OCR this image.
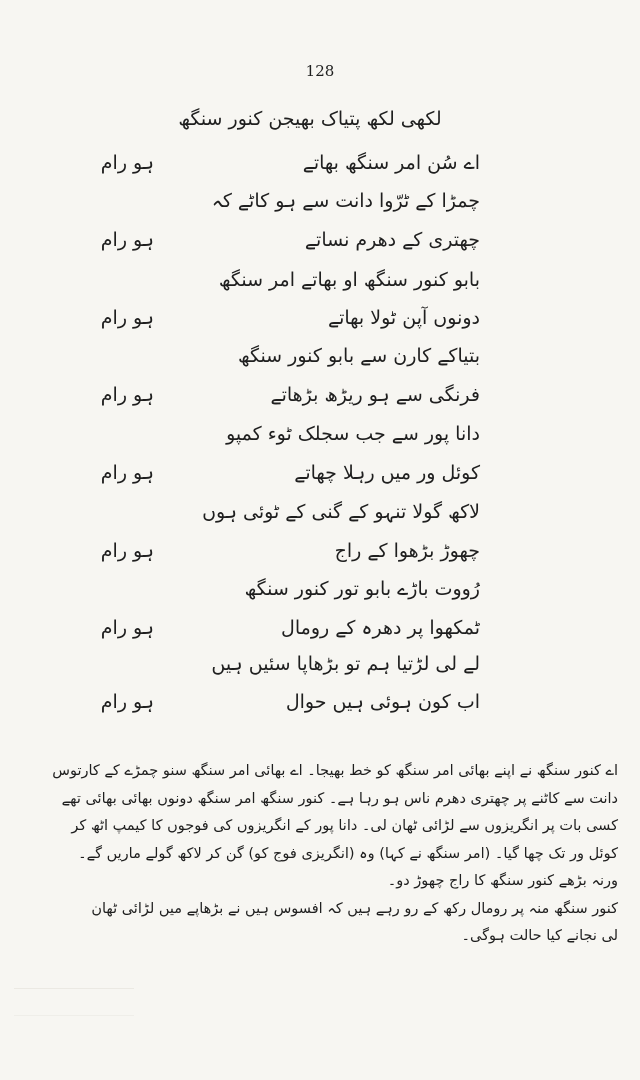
128
لکھی لکھ پتیاک بھیجن کنور سنگھ
اے سُن امر سنگھ بھاتے
ہو رام
چمڑا کے ٹرّوا دانت سے ہو کاٹے کہ
چھتری کے دھرم نساتے
ہو رام
بابو کنور سنگھ او بھاتے امر سنگھ
دونوں آپن ٹولا بھاتے
ہو رام
بتیاکے کارن سے بابو کنور سنگھ
فرنگی سے ہو ریڑھ بڑھاتے
ہو رام
دانا پور سے جب سجلک ٹوء کمپو
کوئل ور میں رہلا چھاتے
ہو رام
لاکھ گولا تنہو کے گنی کے ٹوئی ہوں
چھوڑ بڑھوا کے راج
ہو رام
رُووت باڑے بابو تور کنور سنگھ
ٹمکھوا پر دھرہ کے رومال
ہو رام
لے لی لڑتیا ہم تو بڑھاپا سئیں ہیں
اب کون ہوئی ہیں حوال
ہو رام

اے کنور سنگھ نے اپنے بھائی امر سنگھ کو خط بھیجا۔ اے بھائی امر سنگھ سنو چمڑے کے کارتوس

دانت سے کاٹنے پر چھتری دھرم ناس ہو رہا ہے۔ کنور سنگھ امر سنگھ دونوں بھائی بھائی تھے

کسی بات پر انگریزوں سے لڑائی ٹھان لی۔ دانا پور کے انگریزوں کی فوجوں کا کیمپ اٹھ کر

کوئل ور تک چھا گیا۔ (امر سنگھ نے کہا) وہ (انگریزی فوج کو) گن کر لاکھ گولے ماریں گے۔

ورنہ بڑھے کنور سنگھ کا راج چھوڑ دو۔

کنور سنگھ منہ پر رومال رکھ کے رو رہے ہیں کہ افسوس ہیں نے بڑھاپے میں لڑائی ٹھان

لی نجانے کیا حالت ہوگی۔
